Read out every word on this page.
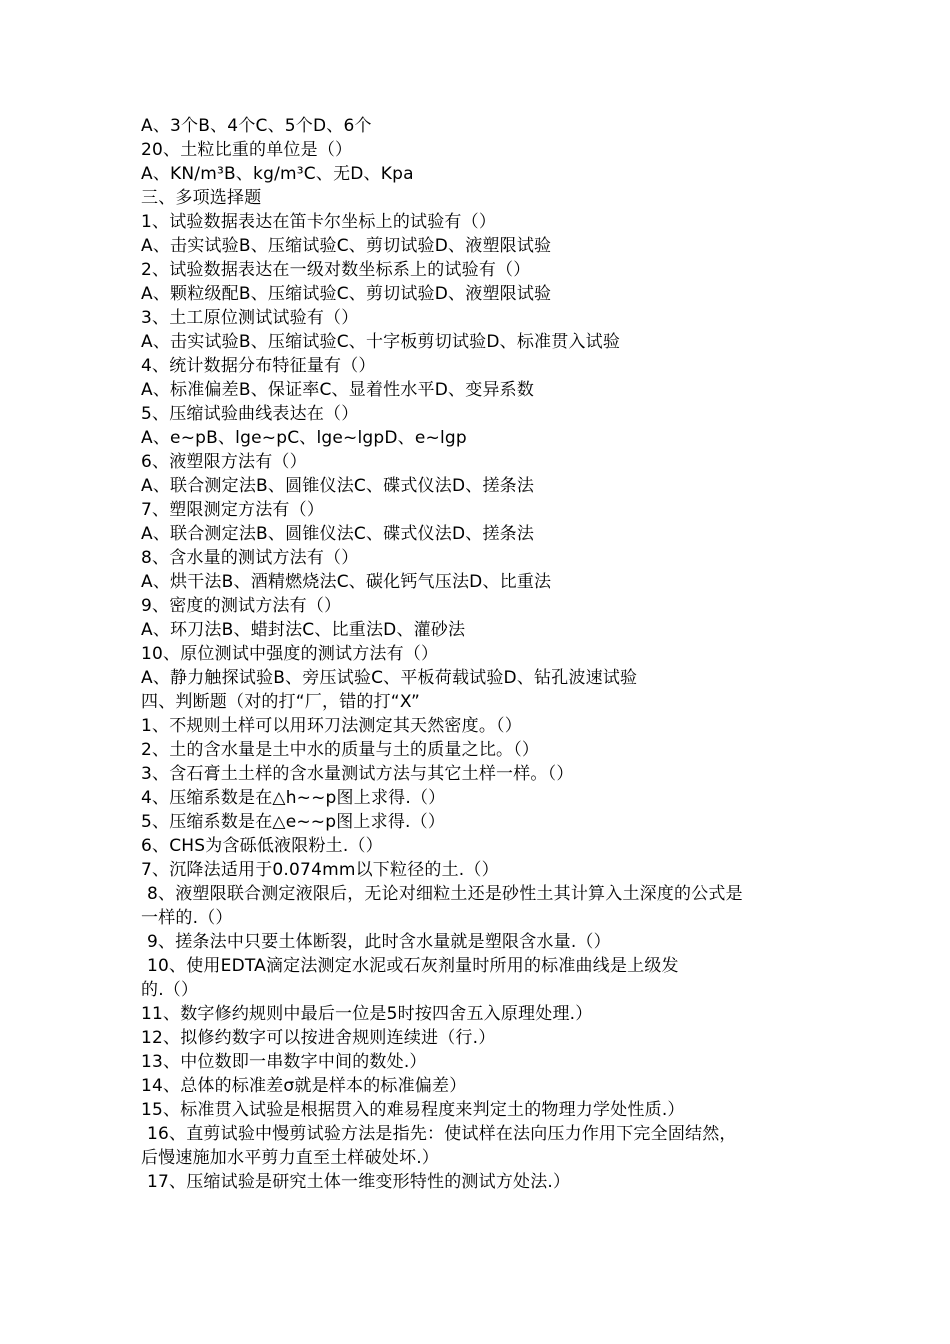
A、3个B、4个C、5个D、6个
20、土粒比重的单位是（）
A、KN/m³B、kg/m³C、无D、Kpa
三、多项选择题
1、试验数据表达在笛卡尔坐标上的试验有（）
A、击实试验B、压缩试验C、剪切试验D、液塑限试验
2、试验数据表达在一级对数坐标系上的试验有（）
A、颗粒级配B、压缩试验C、剪切试验D、液塑限试验
3、土工原位测试试验有（）
A、击实试验B、压缩试验C、十字板剪切试验D、标准贯入试验
4、统计数据分布特征量有（）
A、标准偏差B、保证率C、显着性水平D、变异系数
5、压缩试验曲线表达在（）
A、e~pB、lge~pC、lge~lgpD、e~lgp
6、液塑限方法有（）
A、联合测定法B、圆锥仪法C、碟式仪法D、搓条法
7、塑限测定方法有（）
A、联合测定法B、圆锥仪法C、碟式仪法D、搓条法
8、含水量的测试方法有（）
A、烘干法B、酒精燃烧法C、碳化钙气压法D、比重法
9、密度的测试方法有（）
A、环刀法B、蜡封法C、比重法D、灌砂法
10、原位测试中强度的测试方法有（）
A、静力触探试验B、旁压试验C、平板荷载试验D、钻孔波速试验
四、判断题（对的打“厂，错的打“X”
1、不规则土样可以用环刀法测定其天然密度。（）
2、土的含水量是土中水的质量与土的质量之比。（）
3、含石膏土土样的含水量测试方法与其它土样一样。（）
4、压缩系数是在△h~~p图上求得.（）
5、压缩系数是在△e~~p图上求得.（）
6、CHS为含砾低液限粉土.（）
7、沉降法适用于0.074mm以下粒径的土.（）
8、液塑限联合测定液限后，无论对细粒土还是砂性土其计算入土深度的公式是
一样的.（）
9、搓条法中只要土体断裂，此时含水量就是塑限含水量.（）
10、使用EDTA滴定法测定水泥或石灰剂量时所用的标准曲线是上级发
的.（）
11、数字修约规则中最后一位是5时按四舍五入原理处理.）
12、拟修约数字可以按进舍规则连续进（行.）
13、中位数即一串数字中间的数处.）
14、总体的标准差σ就是样本的标准偏差）
15、标准贯入试验是根据贯入的难易程度来判定土的物理力学处性质.）
16、直剪试验中慢剪试验方法是指先：使试样在法向压力作用下完全固结然，
后慢速施加水平剪力直至土样破处坏.）
17、压缩试验是研究土体一维变形特性的测试方处法.）
